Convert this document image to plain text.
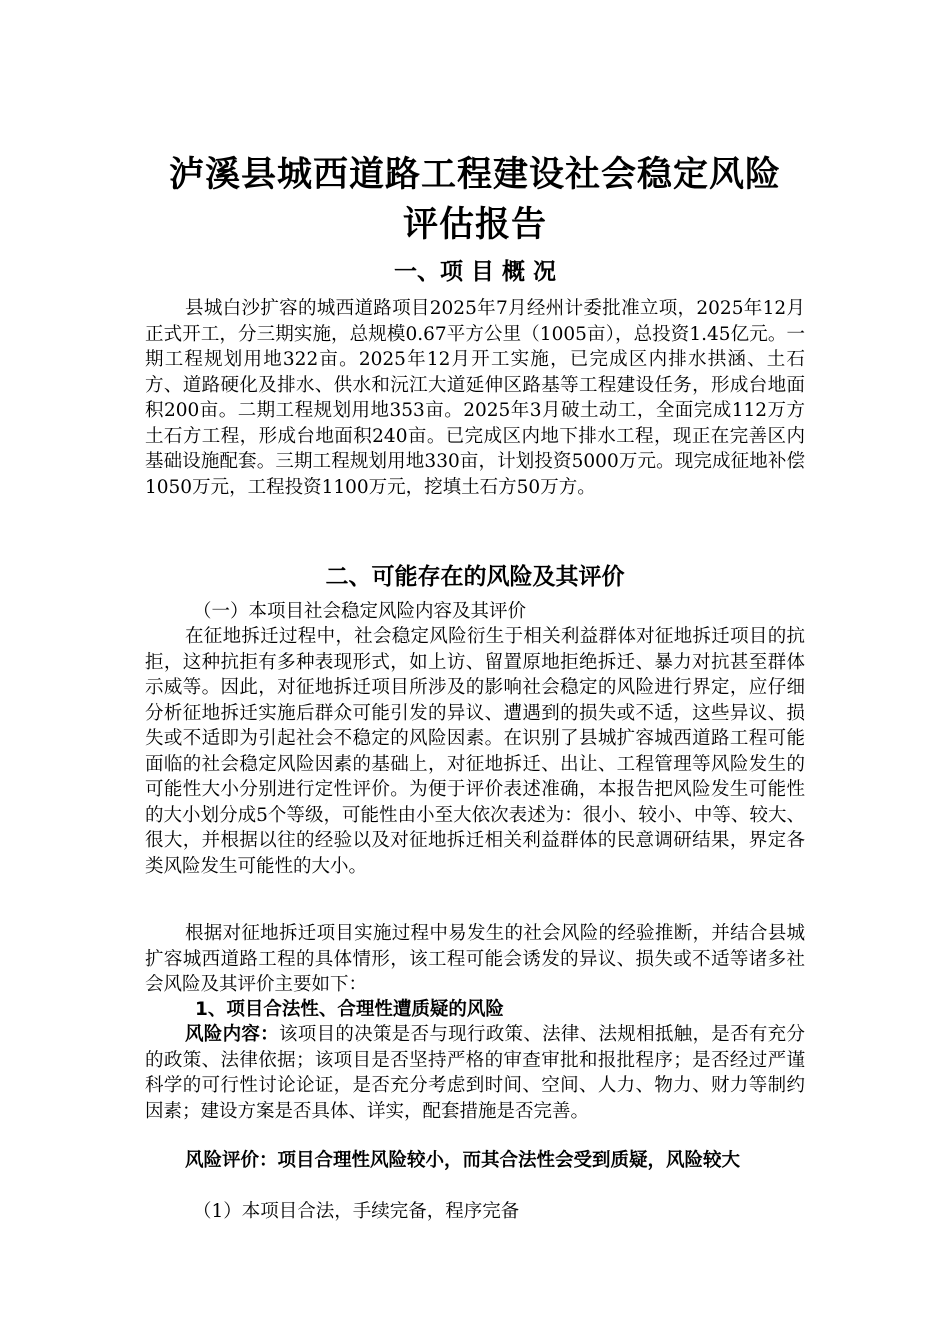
泸溪县城西道路工程建设社会稳定风险
评估报告
一、项 目 概 况

县城白沙扩容的城西道路项目2025年7月经州计委批准立项，2025年12月正式开工，分三期实施，总规模0.67平方公里（1005亩），总投资1.45亿元。一期工程规划用地322亩。2025年12月开工实施，已完成区内排水拱涵、土石方、道路硬化及排水、供水和沅江大道延伸区路基等工程建设任务，形成台地面积200亩。二期工程规划用地353亩。2025年3月破土动工，全面完成112万方土石方工程，形成台地面积240亩。已完成区内地下排水工程，现正在完善区内基础设施配套。三期工程规划用地330亩，计划投资5000万元。现完成征地补偿1050万元，工程投资1100万元，挖填土石方50万方。

二、可能存在的风险及其评价
（一）本项目社会稳定风险内容及其评价

在征地拆迁过程中，社会稳定风险衍生于相关利益群体对征地拆迁项目的抗拒，这种抗拒有多种表现形式，如上访、留置原地拒绝拆迁、暴力对抗甚至群体示威等。因此，对征地拆迁项目所涉及的影响社会稳定的风险进行界定，应仔细分析征地拆迁实施后群众可能引发的异议、遭遇到的损失或不适，这些异议、损失或不适即为引起社会不稳定的风险因素。在识别了县城扩容城西道路工程可能面临的社会稳定风险因素的基础上，对征地拆迁、出让、工程管理等风险发生的可能性大小分别进行定性评价。为便于评价表述准确，本报告把风险发生可能性的大小划分成5个等级，可能性由小至大依次表述为：很小、较小、中等、较大、很大，并根据以往的经验以及对征地拆迁相关利益群体的民意调研结果，界定各类风险发生可能性的大小。

根据对征地拆迁项目实施过程中易发生的社会风险的经验推断，并结合县城扩容城西道路工程的具体情形，该工程可能会诱发的异议、损失或不适等诸多社会风险及其评价主要如下：

1、项目合法性、合理性遭质疑的风险

风险内容：该项目的决策是否与现行政策、法律、法规相抵触，是否有充分的政策、法律依据；该项目是否坚持严格的审查审批和报批程序；是否经过严谨科学的可行性讨论论证，是否充分考虑到时间、空间、人力、物力、财力等制约因素；建设方案是否具体、详实，配套措施是否完善。

风险评价：项目合理性风险较小，而其合法性会受到质疑，风险较大

（1）本项目合法，手续完备，程序完备
